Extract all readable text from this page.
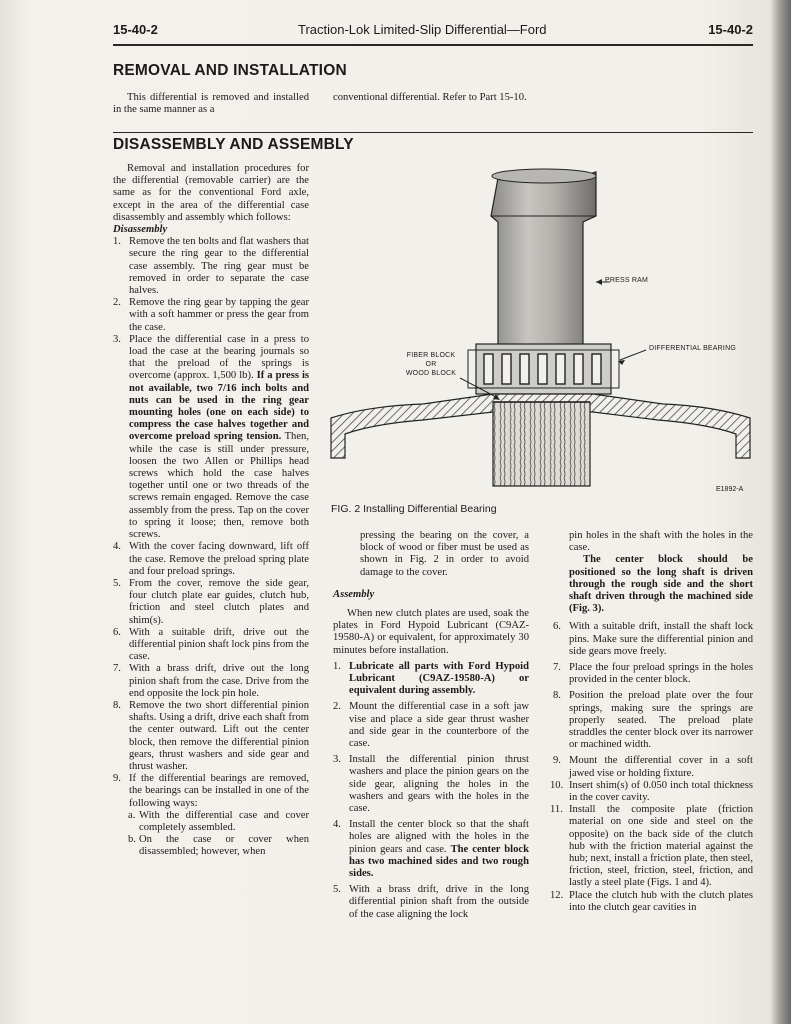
15-40-2	Traction-Lok Limited-Slip Differential—Ford	15-40-2
REMOVAL AND INSTALLATION

This differential is removed and installed in the same manner as a

conventional differential. Refer to Part 15-10.

DISASSEMBLY AND ASSEMBLY

Removal and installation procedures for the differential (removable carrier) are the same as for the conventional Ford axle, except in the area of the differential case disassembly and assembly which follows:

Disassembly

1. Remove the ten bolts and flat washers that secure the ring gear to the differential case assembly. The ring gear must be removed in order to separate the case halves.
2. Remove the ring gear by tapping the gear with a soft hammer or press the gear from the case.
3. Place the differential case in a press to load the case at the bearing journals so that the preload of the springs is overcome (approx. 1,500 lb). If a press is not available, two 7/16 inch bolts and nuts can be used in the ring gear mounting holes (one on each side) to compress the case halves together and overcome preload spring tension. Then, while the case is still under pressure, loosen the two Allen or Phillips head screws which hold the case halves together until one or two threads of the screws remain engaged. Remove the case assembly from the press. Tap on the cover to spring it loose; then, remove both screws.
4. With the cover facing downward, lift off the case. Remove the preload spring plate and four preload springs.
5. From the cover, remove the side gear, four clutch plate ear guides, clutch hub, friction and steel clutch plates and shim(s).
6. With a suitable drift, drive out the differential pinion shaft lock pins from the case.
7. With a brass drift, drive out the long pinion shaft from the case. Drive from the end opposite the lock pin hole.
8. Remove the two short differential pinion shafts. Using a drift, drive each shaft from the center outward. Lift out the center block, then remove the differential pinion gears, thrust washers and side gear and thrust washer.
9. If the differential bearings are removed, the bearings can be installed in one of the following ways:
a. With the differential case and cover completely assembled.
b. On the case or cover when disassembled; however, when
PRESS RAM
DIFFERENTIAL BEARING
FIBER BLOCK
OR
WOOD BLOCK
E1892-A
FIG. 2 Installing Differential Bearing
pressing the bearing on the cover, a block of wood or fiber must be used as shown in Fig. 2 in order to avoid damage to the cover.

Assembly

When new clutch plates are used, soak the plates in Ford Hypoid Lubricant (C9AZ-19580-A) or equivalent, for approximately 30 minutes before installation.

1. Lubricate all parts with Ford Hypoid Lubricant (C9AZ-19580-A) or equivalent during assembly.
2. Mount the differential case in a soft jaw vise and place a side gear thrust washer and side gear in the counterbore of the case.
3. Install the differential pinion thrust washers and place the pinion gears on the side gear, aligning the holes in the washers and gears with the holes in the case.
4. Install the center block so that the shaft holes are aligned with the holes in the pinion gears and case. The center block has two machined sides and two rough sides.
5. With a brass drift, drive in the long differential pinion shaft from the outside of the case aligning the lock
pin holes in the shaft with the holes in the case.
The center block should be positioned so the long shaft is driven through the rough side and the short shaft driven through the machined side (Fig. 3).
6. With a suitable drift, install the shaft lock pins. Make sure the differential pinion and side gears move freely.
7. Place the four preload springs in the holes provided in the center block.
8. Position the preload plate over the four springs, making sure the springs are properly seated. The preload plate straddles the center block over its narrower or machined width.
9. Mount the differential cover in a soft jawed vise or holding fixture.
10. Insert shim(s) of 0.050 inch total thickness in the cover cavity.
11. Install the composite plate (friction material on one side and steel on the opposite) on the back side of the clutch hub with the friction material against the hub; next, install a friction plate, then steel, friction, steel, friction, steel, friction, and lastly a steel plate (Figs. 1 and 4).
12. Place the clutch hub with the clutch plates into the clutch gear cavities in
